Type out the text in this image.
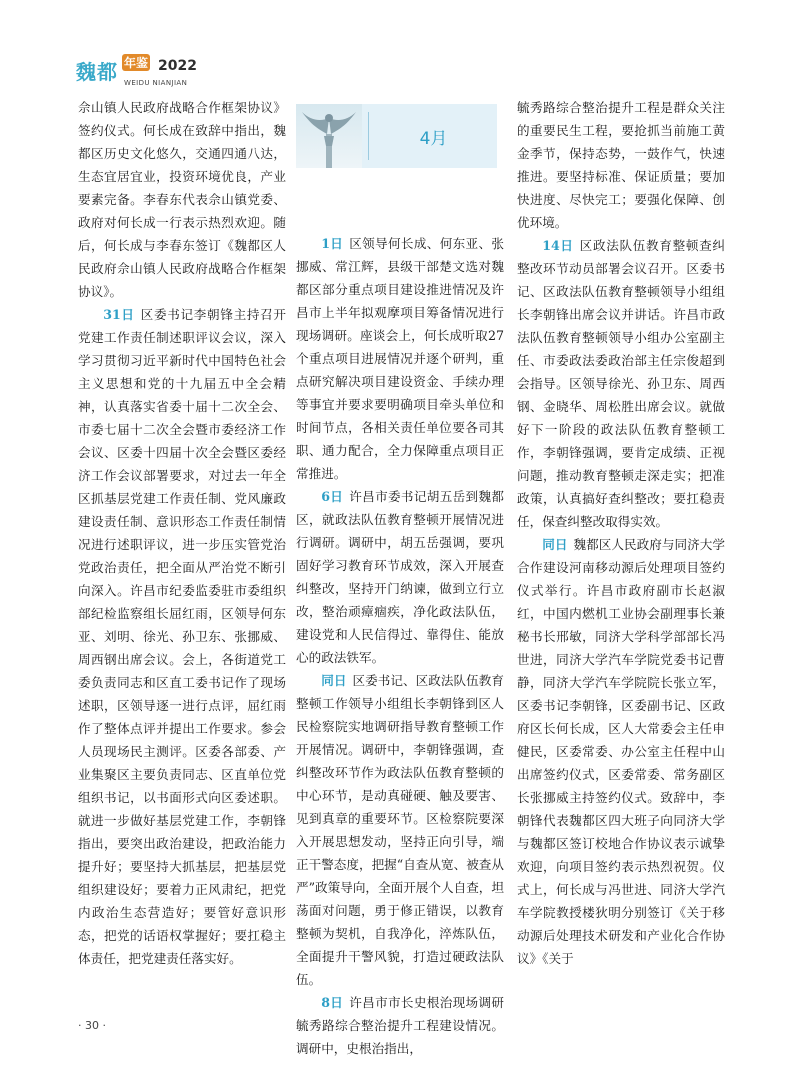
魏都 年鉴 2022
WEIDU NIANJIAN
4月

佘山镇人民政府战略合作框架协议》签约仪式。何长成在致辞中指出，魏都区历史文化悠久，交通四通八达，生态宜居宜业，投资环境优良，产业要素完备。李春东代表佘山镇党委、政府对何长成一行表示热烈欢迎。随后，何长成与李春东签订《魏都区人民政府佘山镇人民政府战略合作框架协议》。

31日 区委书记李朝锋主持召开党建工作责任制述职评议会议，深入学习贯彻习近平新时代中国特色社会主义思想和党的十九届五中全会精神，认真落实省委十届十二次全会、市委七届十二次全会暨市委经济工作会议、区委十四届十次全会暨区委经济工作会议部署要求，对过去一年全区抓基层党建工作责任制、党风廉政建设责任制、意识形态工作责任制情况进行述职评议，进一步压实管党治党政治责任，把全面从严治党不断引向深入。许昌市纪委监委驻市委组织部纪检监察组长屈红雨，区领导何东亚、刘明、徐光、孙卫东、张挪威、周西钢出席会议。会上，各街道党工委负责同志和区直工委书记作了现场述职，区领导逐一进行点评，屈红雨作了整体点评并提出工作要求。参会人员现场民主测评。区委各部委、产业集聚区主要负责同志、区直单位党组织书记，以书面形式向区委述职。就进一步做好基层党建工作，李朝锋指出，要突出政治建设，把政治能力提升好；要坚持大抓基层，把基层党组织建设好；要着力正风肃纪，把党内政治生态营造好；要管好意识形态，把党的话语权掌握好；要扛稳主体责任，把党建责任落实好。

1日 区领导何长成、何东亚、张挪威、常江辉，县级干部楚文选对魏都区部分重点项目建设推进情况及许昌市上半年拟观摩项目筹备情况进行现场调研。座谈会上，何长成听取27个重点项目进展情况并逐个研判，重点研究解决项目建设资金、手续办理等事宜并要求要明确项目牵头单位和时间节点，各相关责任单位要各司其职、通力配合，全力保障重点项目正常推进。

6日 许昌市委书记胡五岳到魏都区，就政法队伍教育整顿开展情况进行调研。调研中，胡五岳强调，要巩固好学习教育环节成效，深入开展查纠整改，坚持开门纳谏，做到立行立改，整治顽瘴痼疾，净化政法队伍，建设党和人民信得过、靠得住、能放心的政法铁军。

同日 区委书记、区政法队伍教育整顿工作领导小组组长李朝锋到区人民检察院实地调研指导教育整顿工作开展情况。调研中，李朝锋强调，查纠整改环节作为政法队伍教育整顿的中心环节，是动真碰硬、触及要害、见到真章的重要环节。区检察院要深入开展思想发动，坚持正向引导，端正干警态度，把握“自查从宽、被查从严”政策导向，全面开展个人自查，坦荡面对问题，勇于修正错误，以教育整顿为契机，自我净化，淬炼队伍，全面提升干警风貌，打造过硬政法队伍。

8日 许昌市市长史根治现场调研毓秀路综合整治提升工程建设情况。调研中，史根治指出，

毓秀路综合整治提升工程是群众关注的重要民生工程，要抢抓当前施工黄金季节，保持态势，一鼓作气，快速推进。要坚持标准、保证质量；要加快进度、尽快完工；要强化保障、创优环境。

14日 区政法队伍教育整顿查纠整改环节动员部署会议召开。区委书记、区政法队伍教育整顿领导小组组长李朝锋出席会议并讲话。许昌市政法队伍教育整顿领导小组办公室副主任、市委政法委政治部主任宗俊超到会指导。区领导徐光、孙卫东、周西钢、金晓华、周松胜出席会议。就做好下一阶段的政法队伍教育整顿工作，李朝锋强调，要肯定成绩、正视问题，推动教育整顿走深走实；把准政策，认真搞好查纠整改；要扛稳责任，保查纠整改取得实效。

同日 魏都区人民政府与同济大学合作建设河南移动源后处理项目签约仪式举行。许昌市政府副市长赵淑红，中国内燃机工业协会副理事长兼秘书长邢敏，同济大学科学部部长冯世进，同济大学汽车学院党委书记曹静，同济大学汽车学院院长张立军，区委书记李朝锋，区委副书记、区政府区长何长成，区人大常委会主任申健民，区委常委、办公室主任程中山出席签约仪式，区委常委、常务副区长张挪威主持签约仪式。致辞中，李朝锋代表魏都区四大班子向同济大学与魏都区签订校地合作协议表示诚挚欢迎，向项目签约表示热烈祝贺。仪式上，何长成与冯世进、同济大学汽车学院教授楼狄明分别签订《关于移动源后处理技术研发和产业化合作协议》《关于

· 30 ·
